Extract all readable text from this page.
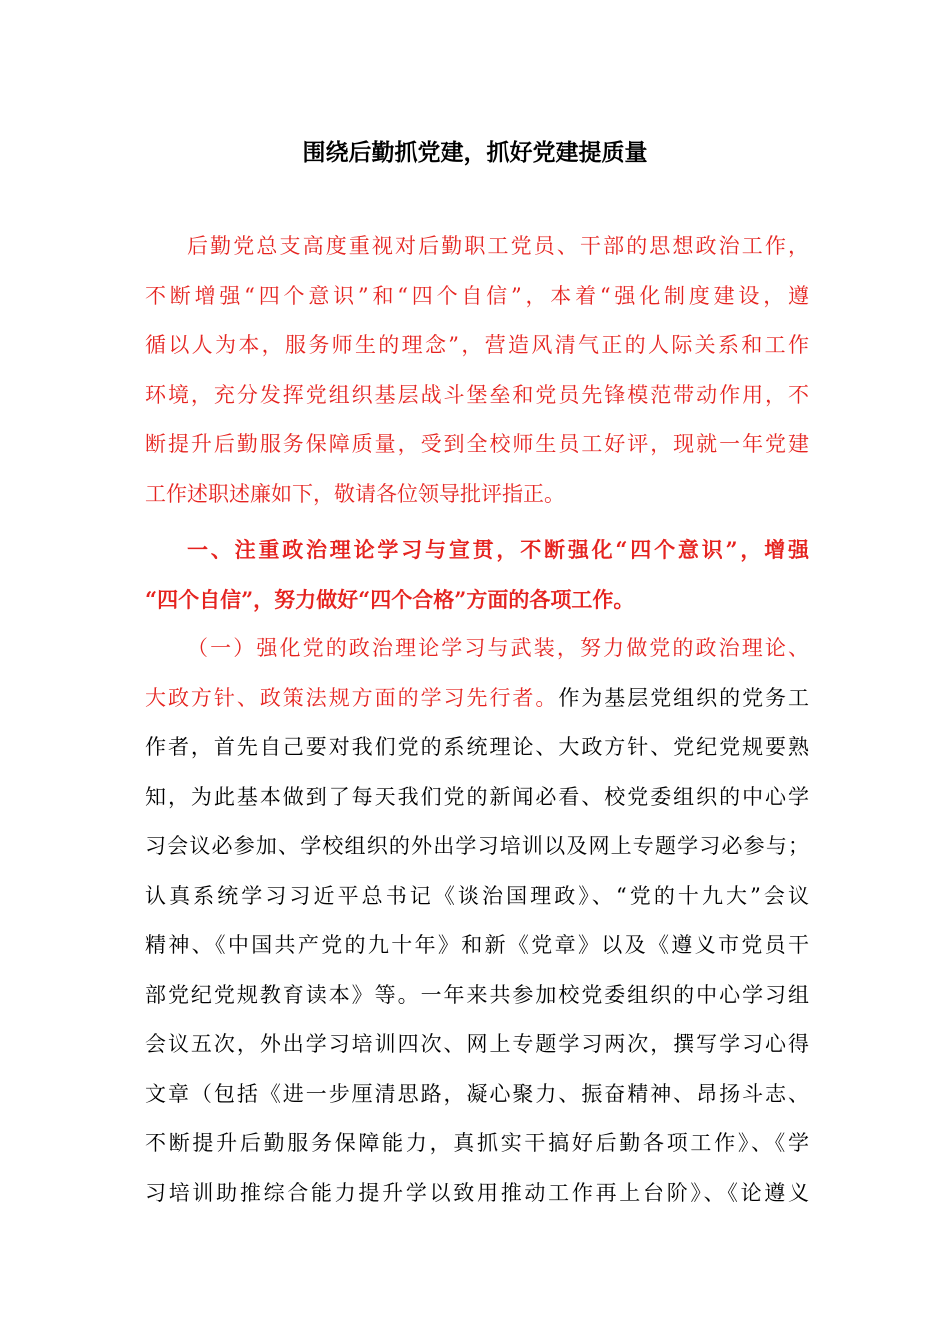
围绕后勤抓党建，抓好党建提质量
后勤党总支高度重视对后勤职工党员、干部的思想政治工作，
不断增强“四个意识”和“四个自信”，本着“强化制度建设，遵
循以人为本，服务师生的理念”，营造风清气正的人际关系和工作
环境，充分发挥党组织基层战斗堡垒和党员先锋模范带动作用，不
断提升后勤服务保障质量，受到全校师生员工好评，现就一年党建
工作述职述廉如下，敬请各位领导批评指正。
一、注重政治理论学习与宣贯，不断强化“四个意识”，增强
“四个自信”，努力做好“四个合格”方面的各项工作。
（一）强化党的政治理论学习与武装，努力做党的政治理论、
大政方针、政策法规方面的学习先行者。作为基层党组织的党务工
作者，首先自己要对我们党的系统理论、大政方针、党纪党规要熟
知，为此基本做到了每天我们党的新闻必看、校党委组织的中心学
习会议必参加、学校组织的外出学习培训以及网上专题学习必参与；
认真系统学习习近平总书记《谈治国理政》、“党的十九大”会议
精神、《中国共产党的九十年》和新《党章》以及《遵义市党员干
部党纪党规教育读本》等。一年来共参加校党委组织的中心学习组
会议五次，外出学习培训四次、网上专题学习两次，撰写学习心得
文章（包括《进一步厘清思路，凝心聚力、振奋精神、昂扬斗志、
不断提升后勤服务保障能力，真抓实干搞好后勤各项工作》、《学
习培训助推综合能力提升学以致用推动工作再上台阶》、《论遵义
